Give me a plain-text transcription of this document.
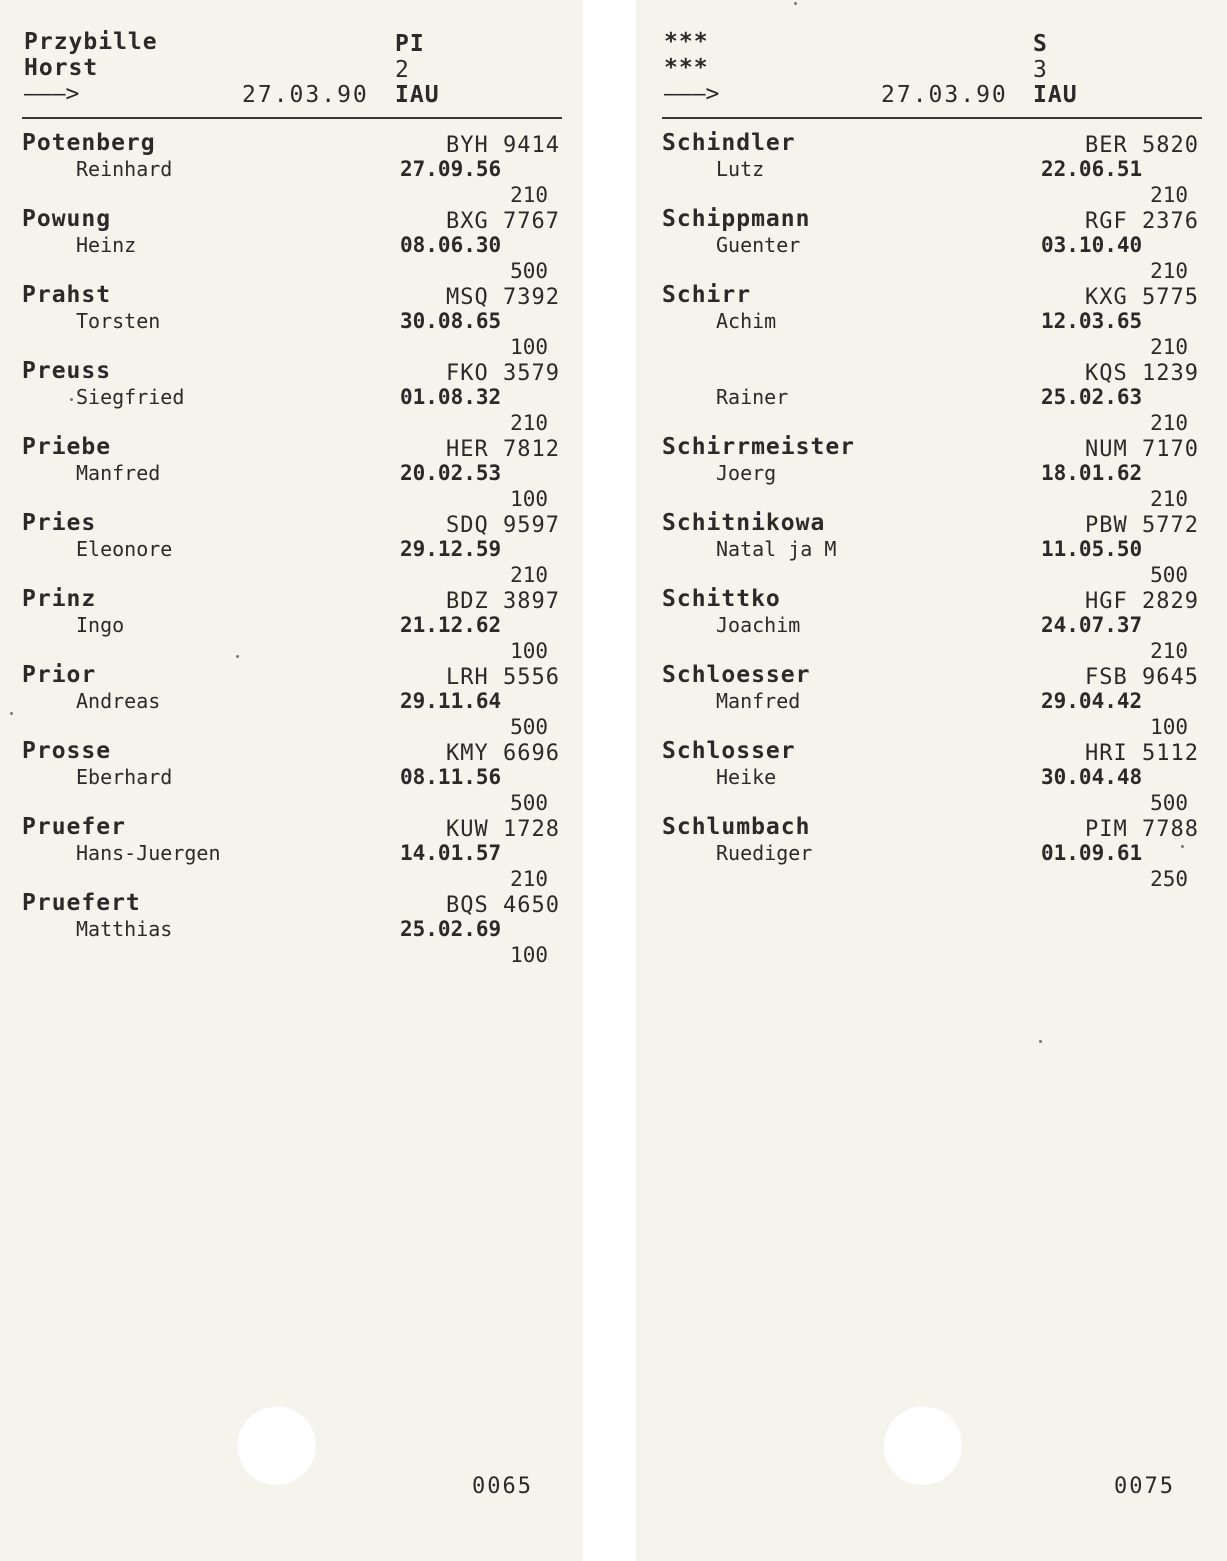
Przybille
Horst
———>	27.03.90
PI
2
IAU
Potenberg
Reinhard
BYH 9414
27.09.56
210
Powung
Heinz
BXG 7767
08.06.30
500
Prahst
Torsten
MSQ 7392
30.08.65
100
Preuss
Siegfried
FKO 3579
01.08.32
210
Priebe
Manfred
HER 7812
20.02.53
100
Pries
Eleonore
SDQ 9597
29.12.59
210
Prinz
Ingo
BDZ 3897
21.12.62
100
Prior
Andreas
LRH 5556
29.11.64
500
Prosse
Eberhard
KMY 6696
08.11.56
500
Pruefer
Hans-Juergen
KUW 1728
14.01.57
210
Pruefert
Matthias
BQS 4650
25.02.69
100
0065
***
***
———>	27.03.90
S
3
IAU
Schindler
Lutz
BER 5820
22.06.51
210
Schippmann
Guenter
RGF 2376
03.10.40
210
Schirr
Achim
KXG 5775
12.03.65
210
Rainer
KQS 1239
25.02.63
210
Schirrmeister
Joerg
NUM 7170
18.01.62
210
Schitnikowa
Natal ja M
PBW 5772
11.05.50
500
Schittko
Joachim
HGF 2829
24.07.37
210
Schloesser
Manfred
FSB 9645
29.04.42
100
Schlosser
Heike
HRI 5112
30.04.48
500
Schlumbach
Ruediger
PIM 7788
01.09.61
250
0075
